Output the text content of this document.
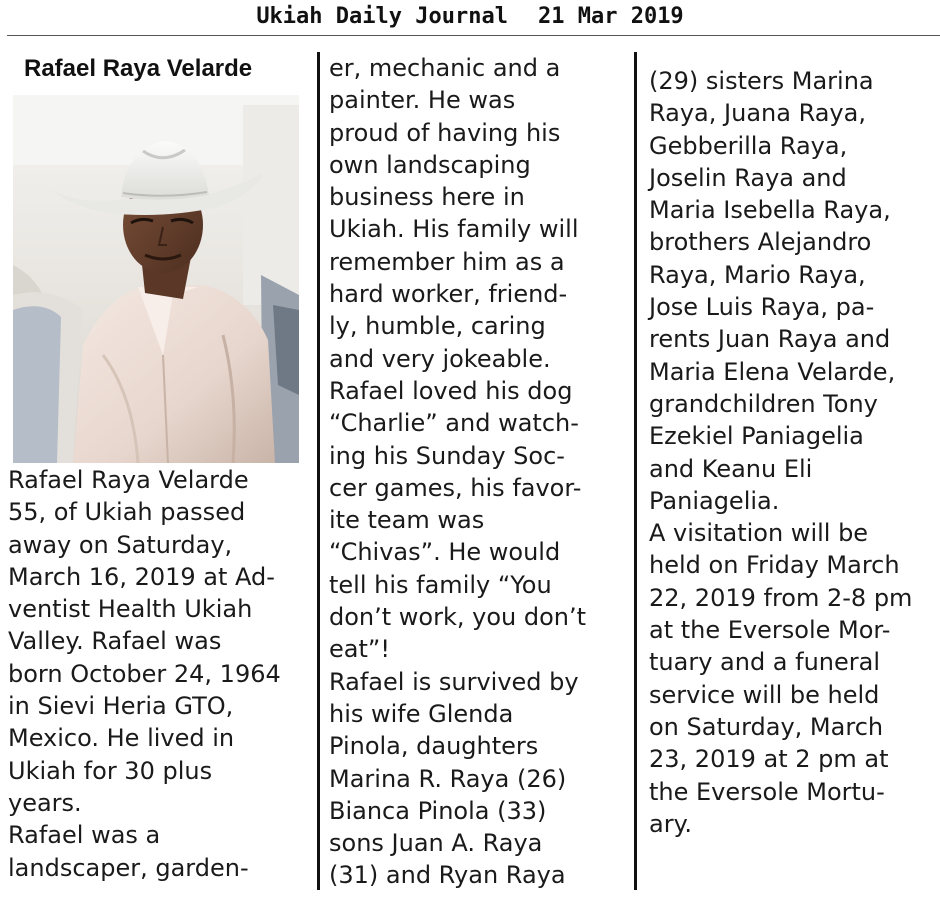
Ukiah Daily Journal 21 Mar 2019
Rafael Raya Velarde
Rafael Raya Velarde
55, of Ukiah passed
away on Saturday,
March 16, 2019 at Ad-
ventist Health Ukiah
Valley. Rafael was
born October 24, 1964
in Sievi Heria GTO,
Mexico. He lived in
Ukiah for 30 plus
years.
Rafael was a
landscaper, garden-
er, mechanic and a
painter. He was
proud of having his
own landscaping
business here in
Ukiah. His family will
remember him as a
hard worker, friend-
ly, humble, caring
and very jokeable.
Rafael loved his dog
“Charlie” and watch-
ing his Sunday Soc-
cer games, his favor-
ite team was
“Chivas”. He would
tell his family “You
don’t work, you don’t
eat”!
Rafael is survived by
his wife Glenda
Pinola, daughters
Marina R. Raya (26)
Bianca Pinola (33)
sons Juan A. Raya
(31) and Ryan Raya
(29) sisters Marina
Raya, Juana Raya,
Gebberilla Raya,
Joselin Raya and
Maria Isebella Raya,
brothers Alejandro
Raya, Mario Raya,
Jose Luis Raya, pa-
rents Juan Raya and
Maria Elena Velarde,
grandchildren Tony
Ezekiel Paniagelia
and Keanu Eli
Paniagelia.
A visitation will be
held on Friday March
22, 2019 from 2-8 pm
at the Eversole Mor-
tuary and a funeral
service will be held
on Saturday, March
23, 2019 at 2 pm at
the Eversole Mortu-
ary.
